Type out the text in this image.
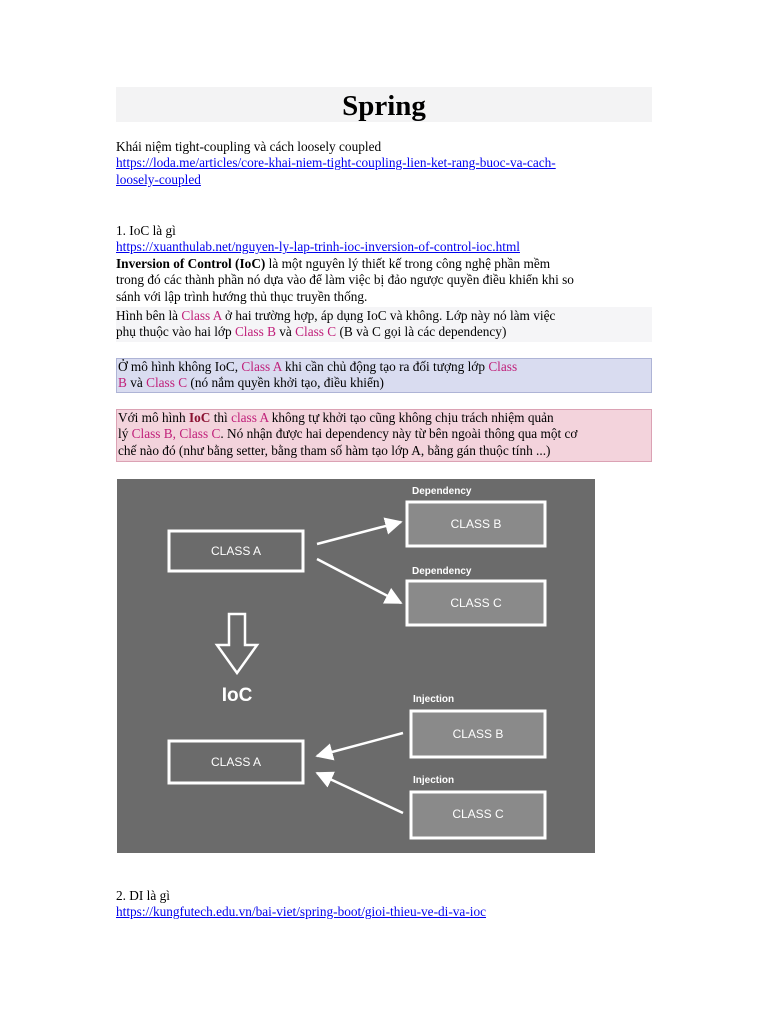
Spring

Khái niệm tight-coupling và cách loosely coupled

https://loda.me/articles/core-khai-niem-tight-coupling-lien-ket-rang-buoc-va-cach-
loosely-coupled

1. IoC là gì

https://xuanthulab.net/nguyen-ly-lap-trinh-ioc-inversion-of-control-ioc.html

Inversion of Control (IoC) là một nguyên lý thiết kế trong công nghệ phần mềm
trong đó các thành phần nó dựa vào để làm việc bị đảo ngược quyền điều khiển khi so
sánh với lập trình hướng thủ thục truyền thống.

Hình bên là Class A ở hai trường hợp, áp dụng IoC và không. Lớp này nó làm việc
phụ thuộc vào hai lớp Class B và Class C (B và C gọi là các dependency)
Ở mô hình không IoC, Class A khi cần chủ động tạo ra đối tượng lớp Class
B và Class C (nó nắm quyền khởi tạo, điều khiển)
Với mô hình IoC thì class A không tự khởi tạo cũng không chịu trách nhiệm quản
lý Class B, Class C. Nó nhận được hai dependency này từ bên ngoài thông qua một cơ
chế nào đó (như bằng setter, bằng tham số hàm tạo lớp A, bằng gán thuộc tính ...)
CLASS A
Dependency
CLASS B
Dependency
CLASS C
IoC	Injection
CLASS B
CLASS A
Injection
CLASS C

2. DI là gì

https://kungfutech.edu.vn/bai-viet/spring-boot/gioi-thieu-ve-di-va-ioc
